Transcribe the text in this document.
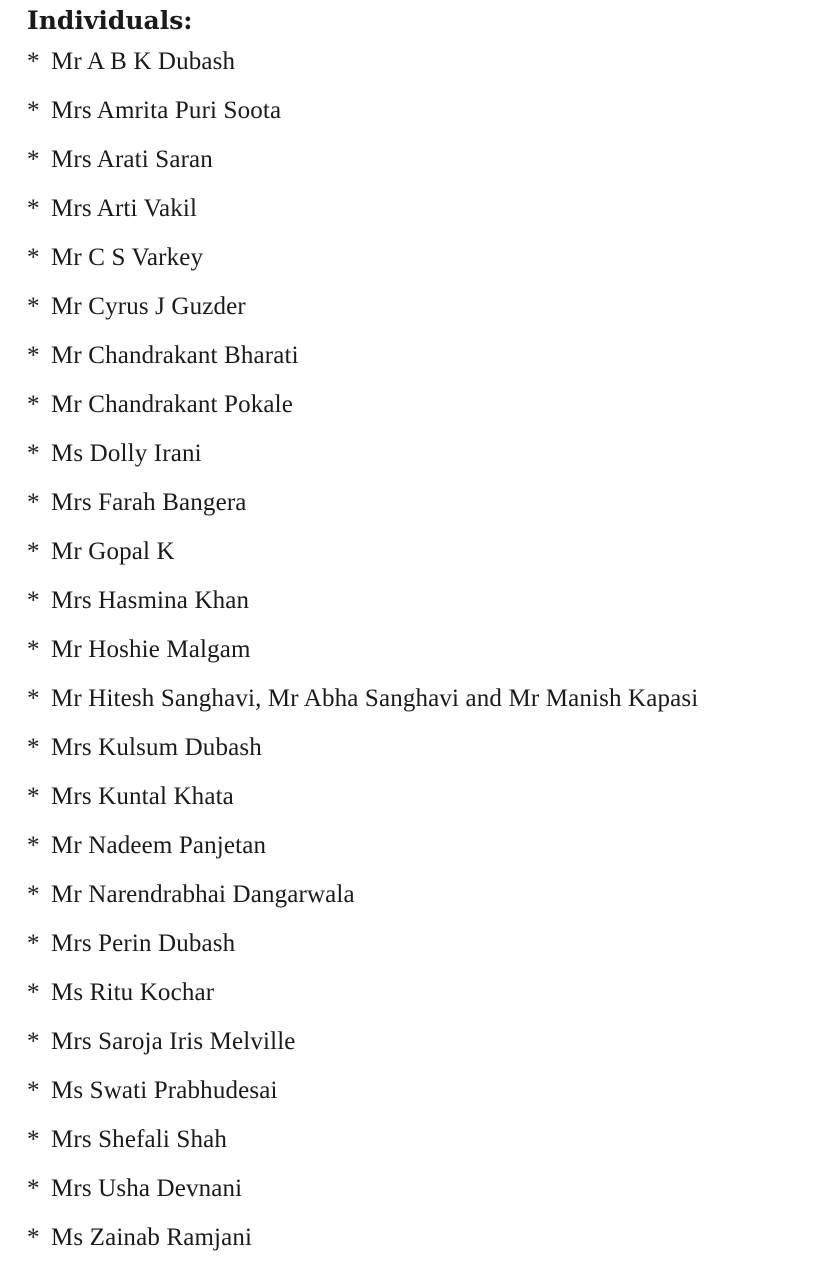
Individuals:
* Mr A B K Dubash
* Mrs Amrita Puri Soota
* Mrs Arati Saran
* Mrs Arti Vakil
* Mr C S Varkey
* Mr Cyrus J Guzder
* Mr Chandrakant Bharati
* Mr Chandrakant Pokale
* Ms Dolly Irani
* Mrs Farah Bangera
* Mr Gopal K
* Mrs Hasmina Khan
* Mr Hoshie Malgam
* Mr Hitesh Sanghavi, Mr Abha Sanghavi and Mr Manish Kapasi
* Mrs Kulsum Dubash
* Mrs Kuntal Khata
* Mr Nadeem Panjetan
* Mr Narendrabhai Dangarwala
* Mrs Perin Dubash
* Ms Ritu Kochar
* Mrs Saroja Iris Melville
* Ms Swati Prabhudesai
* Mrs Shefali Shah
* Mrs Usha Devnani
* Ms Zainab Ramjani
